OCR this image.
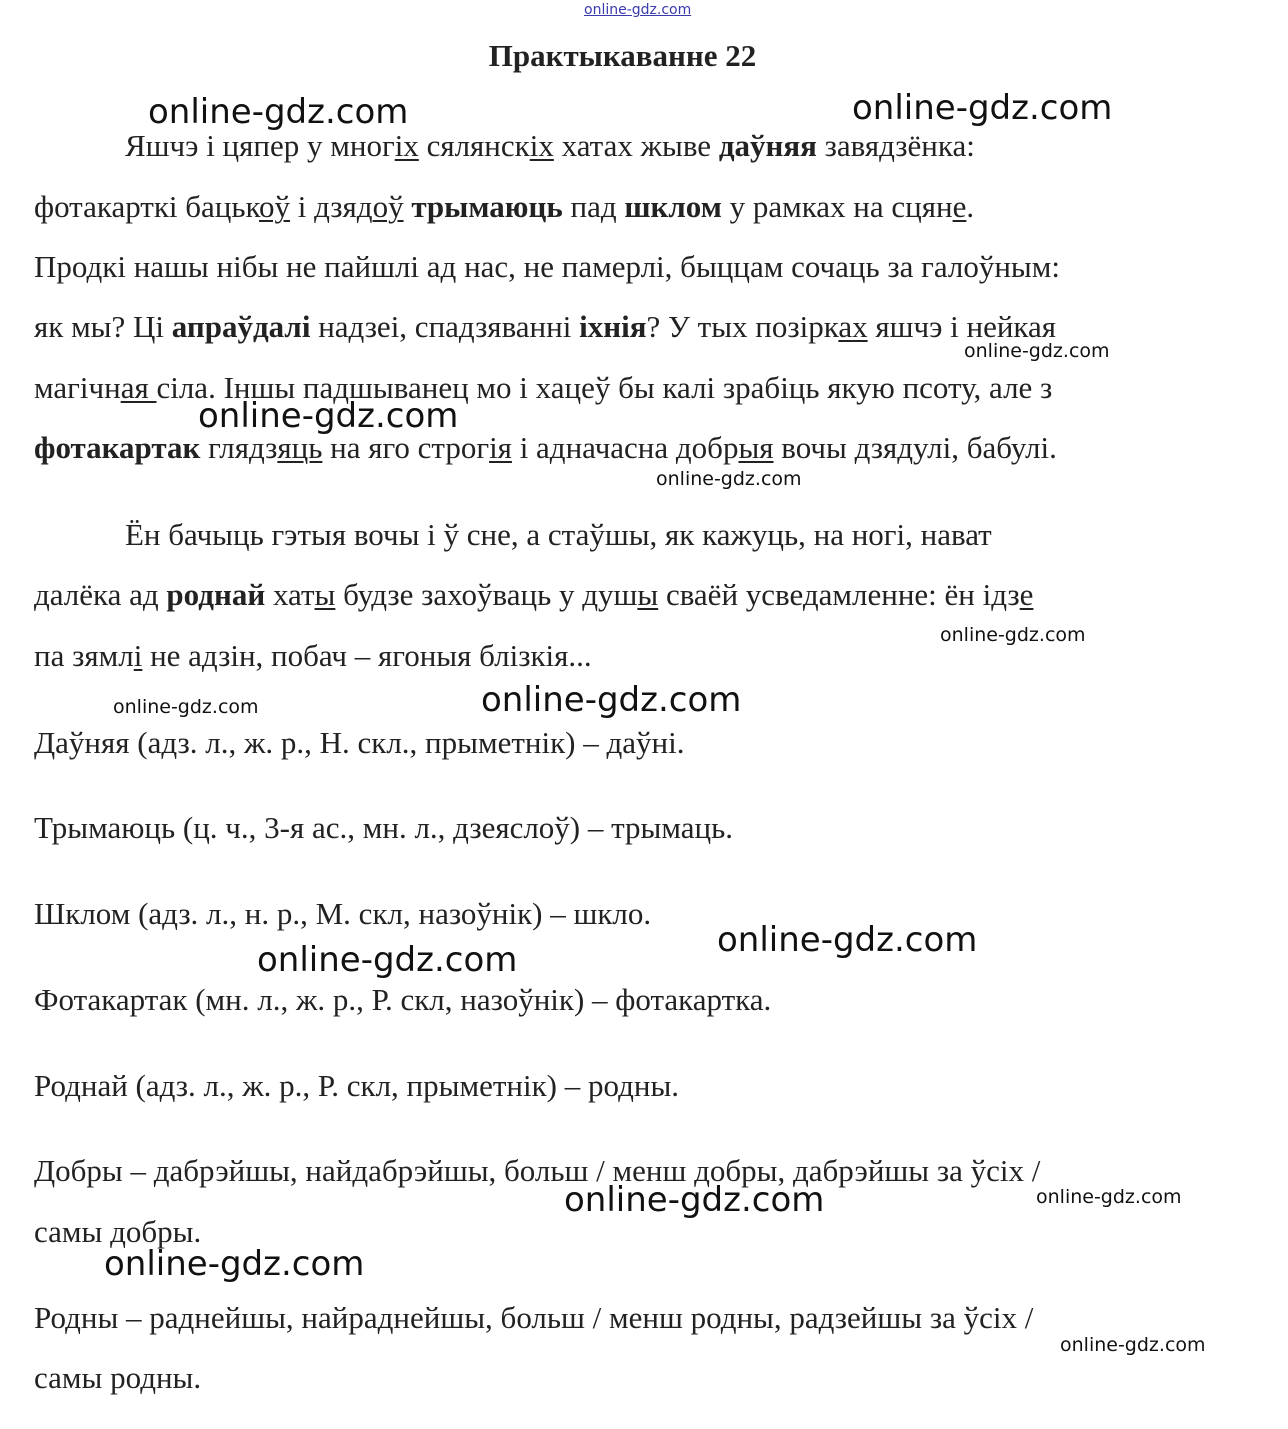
online-gdz.com
Практыкаванне 22
Яшчэ і цяпер у многіх сялянскіх хатах жыве даўняя завядзёнка:
фотакарткі бацькоў і дзядоў трымаюць пад шклом у рамках на сцяне.
Продкі нашы нібы не пайшлі ад нас, не памерлі, быццам сочаць за галоўным:
як мы? Ці апраўдалі надзеі, спадзяванні іхнія? У тых позірках яшчэ і нейкая
магічная сіла. Іншы падшыванец мо і хацеў бы калі зрабіць якую псоту, але з
фотакартак глядзяць на яго строгія і адначасна добрыя вочы дзядулі, бабулі.
Ён бачыць гэтыя вочы і ў сне, а стаўшы, як кажуць, на ногі, нават
далёка ад роднай хаты будзе захоўваць у душы сваёй усведамленне: ён ідзе
па зямлі не адзін, побач – ягоныя блізкія...
Даўняя (адз. л., ж. р., Н. скл., прыметнік) – даўні.
Трымаюць (ц. ч., 3-я ас., мн. л., дзеяслоў) – трымаць.
Шклом (адз. л., н. р., М. скл, назоўнік) – шкло.
Фотакартак (мн. л., ж. р., Р. скл, назоўнік) – фотакартка.
Роднай (адз. л., ж. р., Р. скл, прыметнік) – родны.
Добры – дабрэйшы, найдабрэйшы, больш / менш добры, дабрэйшы за ўсіх /
самы добры.
Родны – раднейшы, найраднейшы, больш / менш родны, радзейшы за ўсіх /
самы родны.
online-gdz.com	online-gdz.com
online-gdz.com
online-gdz.com
online-gdz.com
online-gdz.com
online-gdz.com	online-gdz.com
online-gdz.com
online-gdz.com
online-gdz.com	online-gdz.com
online-gdz.com
online-gdz.com
